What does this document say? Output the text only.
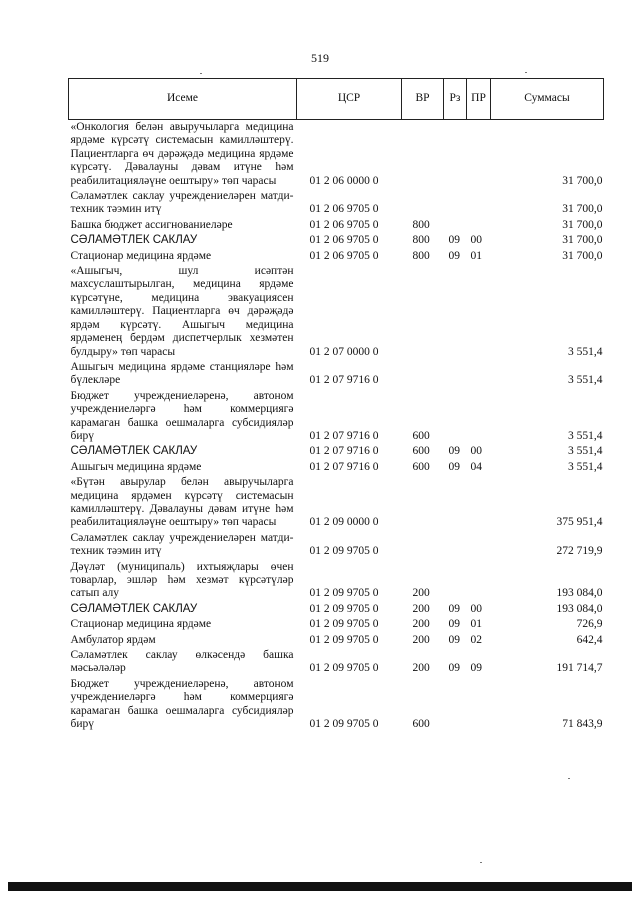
519
Исеме	ЦСР	ВР	Рз	ПР	Суммасы
«Онкология белән авыручыларга медицина ярдәме күрсәтү системасын камилләштерү. Пациентларга өч дәрәҗәдә медицина ярдәме күрсәтү. Дәвалауны дәвам итүне һәм реабилитацияләүне оештыру» төп чарасы	01 2 06 0000 0				31 700,0
Сәламәтлек саклау учреждениеләрен матди-техник тәэмин итү	01 2 06 9705 0				31 700,0
Башка бюджет ассигнованиеләре	01 2 06 9705 0	800			31 700,0
СӘЛАМӘТЛЕК САКЛАУ	01 2 06 9705 0	800	09	00	31 700,0
Стационар медицина ярдәме	01 2 06 9705 0	800	09	01	31 700,0
«Ашыгыч, шул исәптән махсуслаштырылган, медицина ярдәме күрсәтүне, медицина эвакуациясен камилләштерү. Пациентларга өч дәрәҗәдә ярдәм күрсәтү. Ашыгыч медицина ярдәменең бердәм диспетчерлык хезмәтен булдыру» төп чарасы	01 2 07 0000 0				3 551,4
Ашыгыч медицина ярдәме станцияләре һәм бүлекләре	01 2 07 9716 0				3 551,4
Бюджет учреждениеләренә, автоном учреждениеләргә һәм коммерциягә карамаган башка оешмаларга субсидияләр бирү	01 2 07 9716 0	600			3 551,4
СӘЛАМӘТЛЕК САКЛАУ	01 2 07 9716 0	600	09	00	3 551,4
Ашыгыч медицина ярдәме	01 2 07 9716 0	600	09	04	3 551,4
«Бүтән авырулар белән авыручыларга медицина ярдәмен күрсәтү системасын камилләштерү. Дәвалауны дәвам итүне һәм реабилитацияләүне оештыру» төп чарасы	01 2 09 0000 0				375 951,4
Сәламәтлек саклау учреждениеләрен матди-техник тәэмин итү	01 2 09 9705 0				272 719,9
Дәүләт (муниципаль) ихтыяҗлары өчен товарлар, эшләр һәм хезмәт күрсәтүләр сатып алу	01 2 09 9705 0	200			193 084,0
СӘЛАМӘТЛЕК САКЛАУ	01 2 09 9705 0	200	09	00	193 084,0
Стационар медицина ярдәме	01 2 09 9705 0	200	09	01	726,9
Амбулатор ярдәм	01 2 09 9705 0	200	09	02	642,4
Сәламәтлек саклау өлкәсендә башка мәсьәләләр	01 2 09 9705 0	200	09	09	191 714,7
Бюджет учреждениеләренә, автоном учреждениеләргә һәм коммерциягә карамаган башка оешмаларга субсидияләр бирү	01 2 09 9705 0	600			71 843,9
